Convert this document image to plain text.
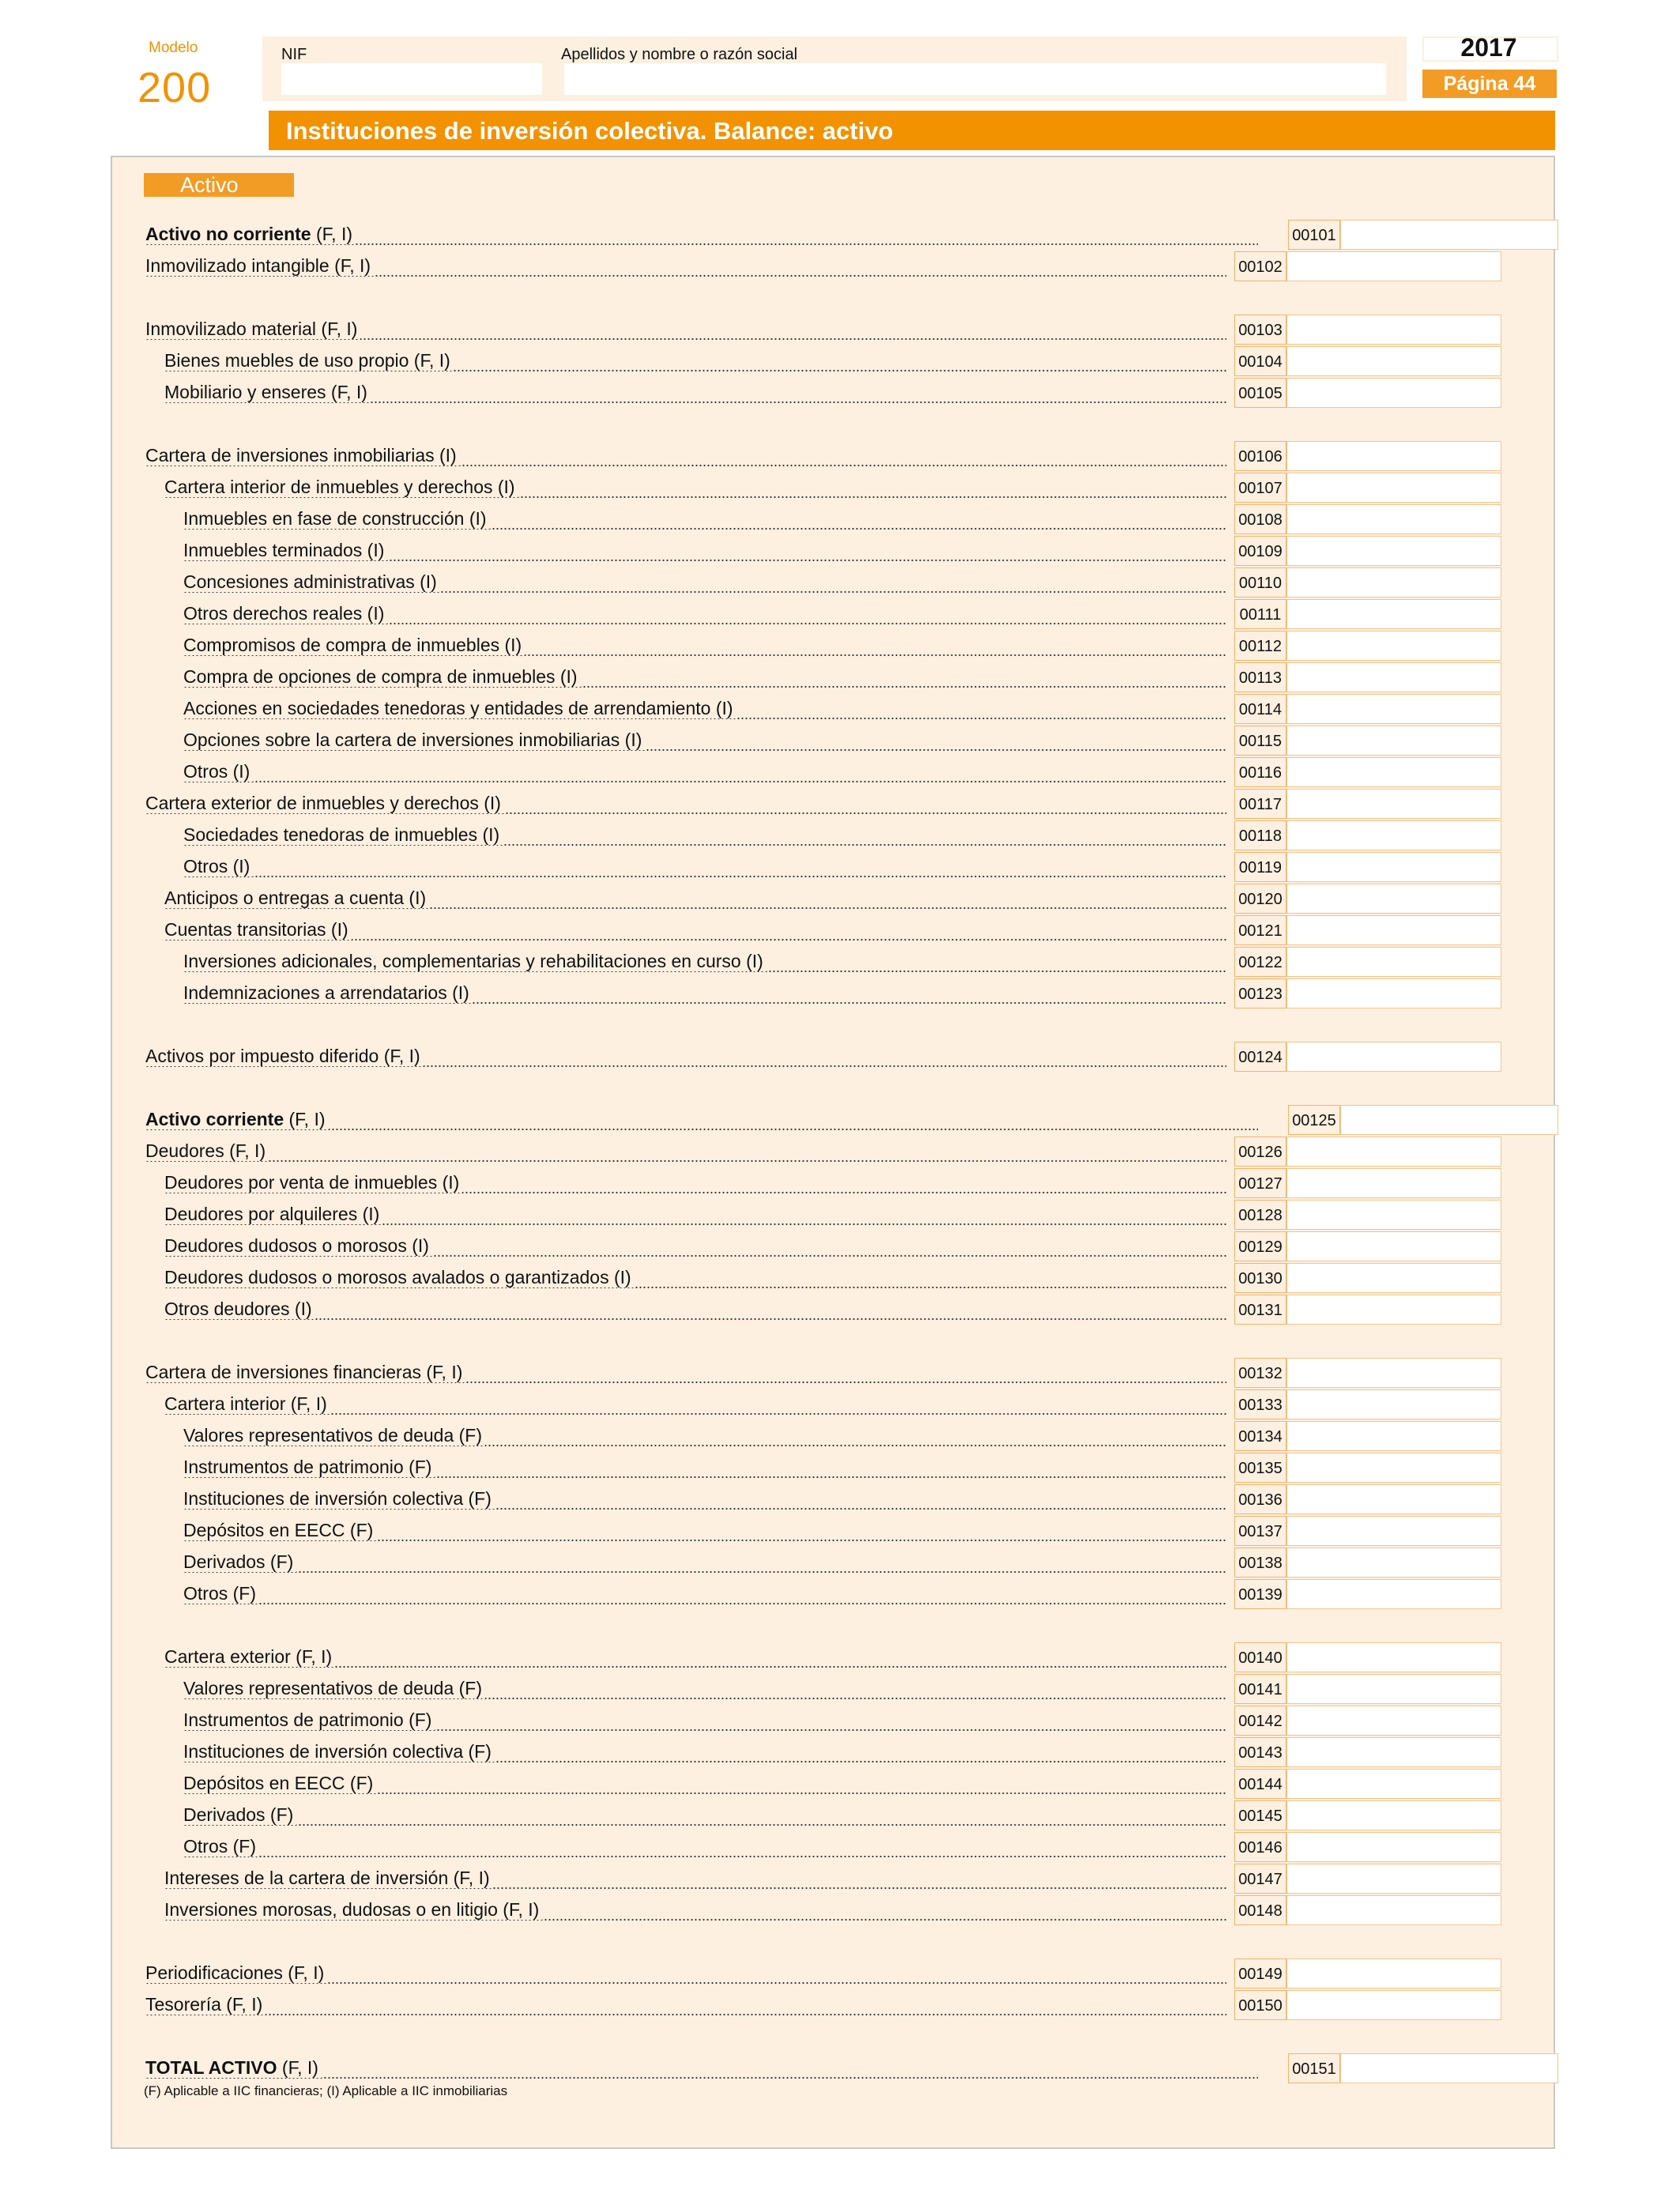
Modelo
200
NIF	Apellidos y nombre o razón social	2017
Página 44
Instituciones de inversión colectiva. Balance: activo
Activo
Activo no corriente (F, I)	00101
Inmovilizado intangible (F, I)	00102
Inmovilizado material (F, I)	00103
Bienes muebles de uso propio (F, I)	00104
Mobiliario y enseres (F, I)	00105
Cartera de inversiones inmobiliarias (I)	00106
Cartera interior de inmuebles y derechos (I)	00107
Inmuebles en fase de construcción (I)	00108
Inmuebles terminados (I)	00109
Concesiones administrativas (I)	00110
Otros derechos reales (I)	00111
Compromisos de compra de inmuebles (I)	00112
Compra de opciones de compra de inmuebles (I)	00113
Acciones en sociedades tenedoras y entidades de arrendamiento (I)	00114
Opciones sobre la cartera de inversiones inmobiliarias (I)	00115
Otros (I)	00116
Cartera exterior de inmuebles y derechos (I)	00117
Sociedades tenedoras de inmuebles (I)	00118
Otros (I)	00119
Anticipos o entregas a cuenta (I)	00120
Cuentas transitorias (I)	00121
Inversiones adicionales, complementarias y rehabilitaciones en curso (I)	00122
Indemnizaciones a arrendatarios (I)	00123
Activos por impuesto diferido (F, I)	00124
Activo corriente (F, I)	00125
Deudores (F, I)	00126
Deudores por venta de inmuebles (I)	00127
Deudores por alquileres (I)	00128
Deudores dudosos o morosos (I)	00129
Deudores dudosos o morosos avalados o garantizados (I)	00130
Otros deudores (I)	00131
Cartera de inversiones financieras (F, I)	00132
Cartera interior (F, I)	00133
Valores representativos de deuda (F)	00134
Instrumentos de patrimonio (F)	00135
Instituciones de inversión colectiva (F)	00136
Depósitos en EECC (F)	00137
Derivados (F)	00138
Otros (F)	00139
Cartera exterior (F, I)	00140
Valores representativos de deuda (F)	00141
Instrumentos de patrimonio (F)	00142
Instituciones de inversión colectiva (F)	00143
Depósitos en EECC (F)	00144
Derivados (F)	00145
Otros (F)	00146
Intereses de la cartera de inversión (F, I)	00147
Inversiones morosas, dudosas o en litigio (F, I)	00148
Periodificaciones (F, I)	00149
Tesorería (F, I)	00150
TOTAL ACTIVO (F, I)	00151
(F) Aplicable a IIC financieras; (I) Aplicable a IIC inmobiliarias
